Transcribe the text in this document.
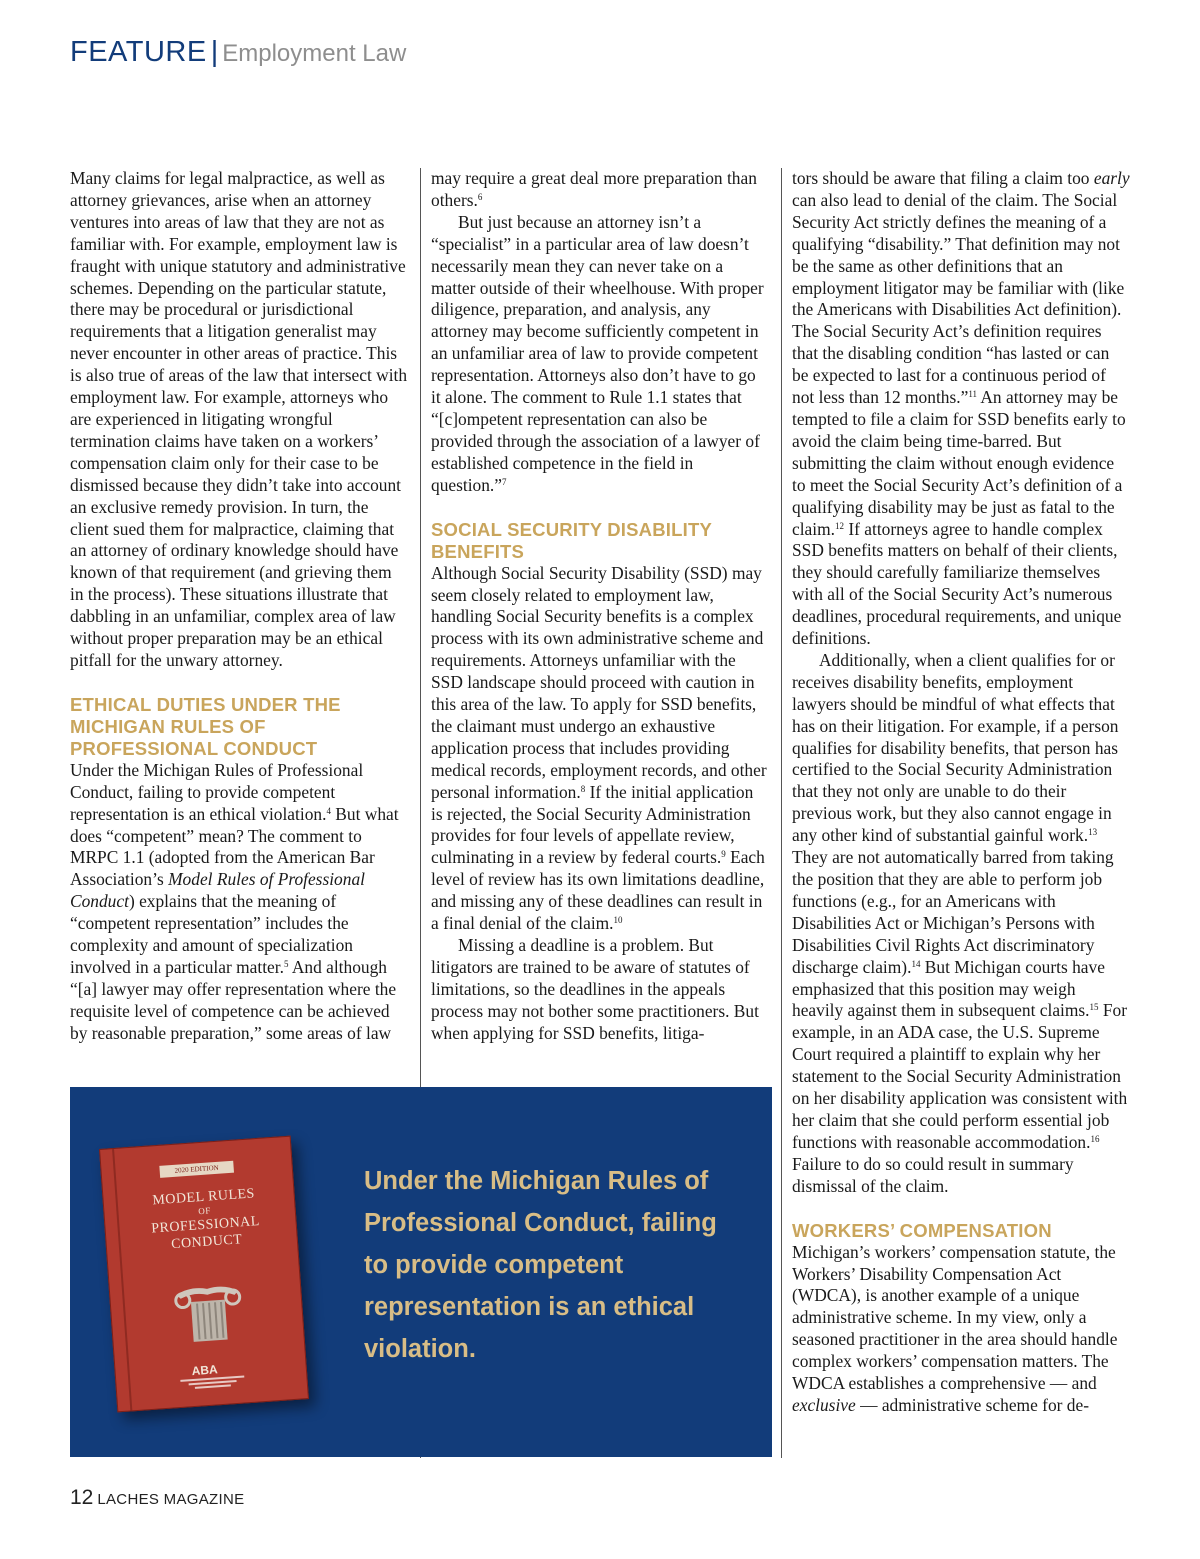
FEATURE | Employment Law

Many claims for legal malpractice, as well as attorney grievances, arise when an attorney ventures into areas of law that they are not as familiar with. For example, employment law is fraught with unique statutory and administrative schemes. Depending on the particular statute, there may be procedural or jurisdictional requirements that a litigation generalist may never encounter in other areas of practice. This is also true of areas of the law that intersect with employment law. For example, attorneys who are experienced in litigating wrongful termination claims have taken on a workers’ compensation claim only for their case to be dismissed because they didn’t take into account an exclusive remedy provision. In turn, the client sued them for malpractice, claiming that an attorney of ordinary knowledge should have known of that requirement (and grieving them in the process). These situations illustrate that dabbling in an unfamiliar, complex area of law without proper preparation may be an ethical pitfall for the unwary attorney.

ETHICAL DUTIES UNDER THE MICHIGAN RULES OF PROFESSIONAL CONDUCT

Under the Michigan Rules of Professional Conduct, failing to provide competent representation is an ethical violation.$^4$ But what does “competent” mean? The comment to MRPC 1.1 (adopted from the American Bar Association’s Model Rules of Professional Conduct) explains that the meaning of “competent representation” includes the complexity and amount of specialization involved in a particular matter.$^5$ And although “[a] lawyer may offer representation where the requisite level of competence can be achieved by reasonable preparation,” some areas of law

may require a great deal more preparation than others.$^6$

But just because an attorney isn’t a “specialist” in a particular area of law doesn’t necessarily mean they can never take on a matter outside of their wheelhouse. With proper diligence, preparation, and analysis, any attorney may become sufficiently competent in an unfamiliar area of law to provide competent representation. Attorneys also don’t have to go it alone. The comment to Rule 1.1 states that “[c]ompetent representation can also be provided through the association of a lawyer of established competence in the field in question.”$^7$

SOCIAL SECURITY DISABILITY BENEFITS

Although Social Security Disability (SSD) may seem closely related to employment law, handling Social Security benefits is a complex process with its own administrative scheme and requirements. Attorneys unfamiliar with the SSD landscape should proceed with caution in this area of the law. To apply for SSD benefits, the claimant must undergo an exhaustive application process that includes providing medical records, employment records, and other personal information.$^8$ If the initial application is rejected, the Social Security Administration provides for four levels of appellate review, culminating in a review by federal courts.$^9$ Each level of review has its own limitations deadline, and missing any of these deadlines can result in a final denial of the claim.$^{10}$

Missing a deadline is a problem. But litigators are trained to be aware of statutes of limitations, so the deadlines in the appeals process may not bother some practitioners. But when applying for SSD benefits, litiga-

tors should be aware that filing a claim too early can also lead to denial of the claim. The Social Security Act strictly defines the meaning of a qualifying “disability.” That definition may not be the same as other definitions that an employment litigator may be familiar with (like the Americans with Disabilities Act definition). The Social Security Act’s definition requires that the disabling condition “has lasted or can be expected to last for a continuous period of not less than 12 months.”$^{11}$ An attorney may be tempted to file a claim for SSD benefits early to avoid the claim being time-barred. But submitting the claim without enough evidence to meet the Social Security Act’s definition of a qualifying disability may be just as fatal to the claim.$^{12}$ If attorneys agree to handle complex SSD benefits matters on behalf of their clients, they should carefully familiarize themselves with all of the Social Security Act’s numerous deadlines, procedural requirements, and unique definitions.

Additionally, when a client qualifies for or receives disability benefits, employment lawyers should be mindful of what effects that has on their litigation. For example, if a person qualifies for disability benefits, that person has certified to the Social Security Administration that they not only are unable to do their previous work, but they also cannot engage in any other kind of substantial gainful work.$^{13}$ They are not automatically barred from taking the position that they are able to perform job functions (e.g., for an Americans with Disabilities Act or Michigan’s Persons with Disabilities Civil Rights Act discriminatory discharge claim).$^{14}$ But Michigan courts have emphasized that this position may weigh heavily against them in subsequent claims.$^{15}$ For example, in an ADA case, the U.S. Supreme Court required a plaintiff to explain why her statement to the Social Security Administration on her disability application was consistent with her claim that she could perform essential job functions with reasonable accommodation.$^{16}$ Failure to do so could result in summary dismissal of the claim.

WORKERS’ COMPENSATION

Michigan’s workers’ compensation statute, the Workers’ Disability Compensation Act (WDCA), is another example of a unique administrative scheme. In my view, only a seasoned practitioner in the area should handle complex workers’ compensation matters. The WDCA establishes a comprehensive — and exclusive — administrative scheme for de-

2020 EDITION
MODEL RULES
OF
PROFESSIONAL CONDUCT
ABA
Under the Michigan Rules of Professional Conduct, failing to provide competent representation is an ethical violation.
12 LACHES MAGAZINE
